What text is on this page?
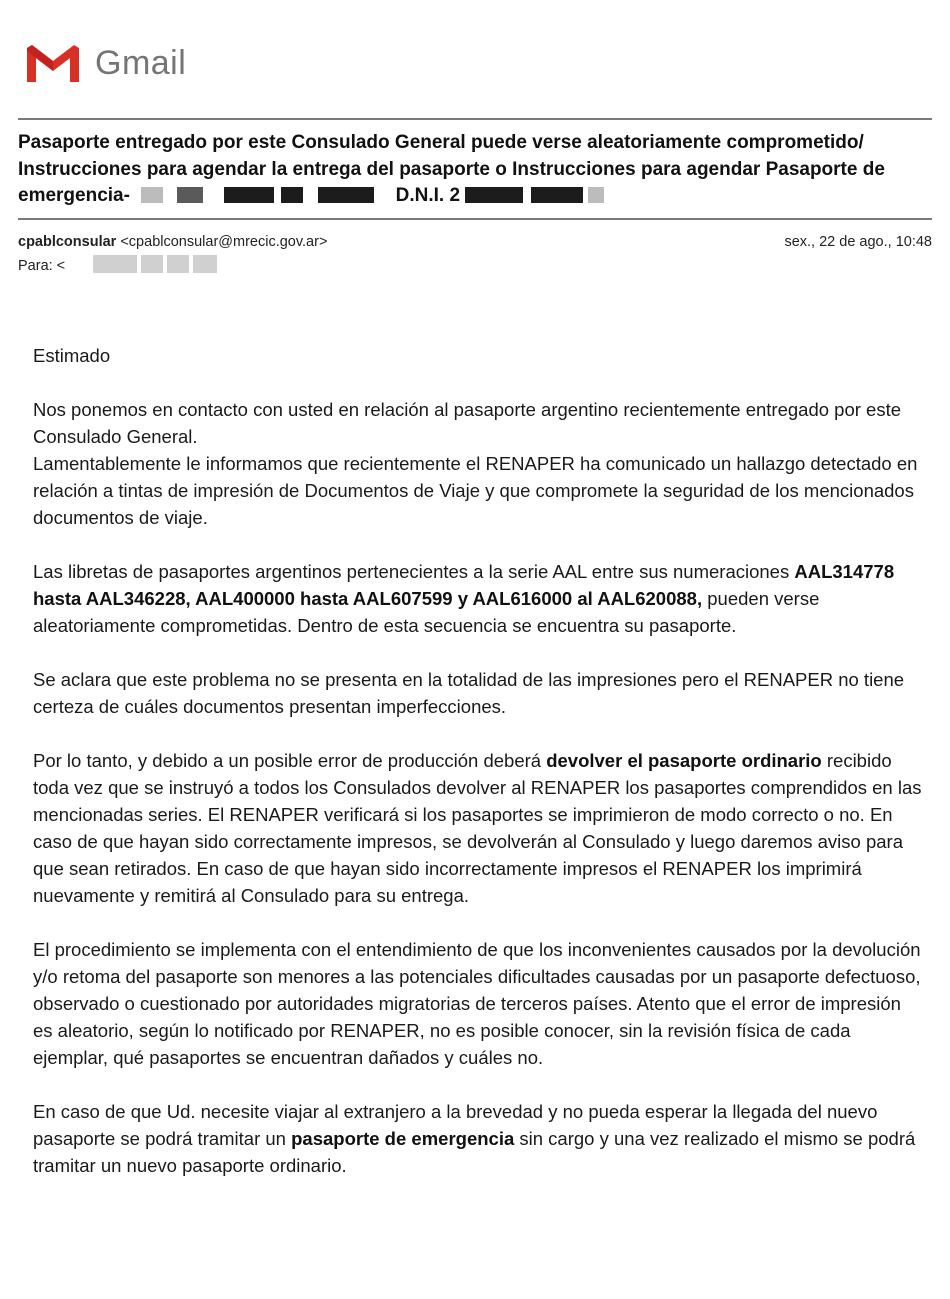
Gmail
Pasaporte entregado por este Consulado General puede verse aleatoriamente comprometido/ Instrucciones para agendar la entrega del pasaporte o Instrucciones para agendar Pasaporte de emergencia-	D.N.I. 2
cpablconsular <cpablconsular@mrecic.gov.ar>	sex., 22 de ago., 10:48
Para: <

Estimado

Nos ponemos en contacto con usted en relación al pasaporte argentino recientemente entregado por este Consulado General.
Lamentablemente le informamos que recientemente el RENAPER ha comunicado un hallazgo detectado en relación a tintas de impresión de Documentos de Viaje y que compromete la seguridad de los mencionados documentos de viaje.

Las libretas de pasaportes argentinos pertenecientes a la serie AAL entre sus numeraciones AAL314778 hasta AAL346228, AAL400000 hasta AAL607599 y AAL616000 al AAL620088, pueden verse aleatoriamente comprometidas. Dentro de esta secuencia se encuentra su pasaporte.

Se aclara que este problema no se presenta en la totalidad de las impresiones pero el RENAPER no tiene certeza de cuáles documentos presentan imperfecciones.

Por lo tanto, y debido a un posible error de producción deberá devolver el pasaporte ordinario recibido toda vez que se instruyó a todos los Consulados devolver al RENAPER los pasaportes comprendidos en las mencionadas series. El RENAPER verificará si los pasaportes se imprimieron de modo correcto o no. En caso de que hayan sido correctamente impresos, se devolverán al Consulado y luego daremos aviso para que sean retirados. En caso de que hayan sido incorrectamente impresos el RENAPER los imprimirá nuevamente y remitirá al Consulado para su entrega.

El procedimiento se implementa con el entendimiento de que los inconvenientes causados por la devolución y/o retoma del pasaporte son menores a las potenciales dificultades causadas por un pasaporte defectuoso, observado o cuestionado por autoridades migratorias de terceros países. Atento que el error de impresión es aleatorio, según lo notificado por RENAPER, no es posible conocer, sin la revisión física de cada ejemplar, qué pasaportes se encuentran dañados y cuáles no.

En caso de que Ud. necesite viajar al extranjero a la brevedad y no pueda esperar la llegada del nuevo pasaporte se podrá tramitar un pasaporte de emergencia sin cargo y una vez realizado el mismo se podrá tramitar un nuevo pasaporte ordinario.
